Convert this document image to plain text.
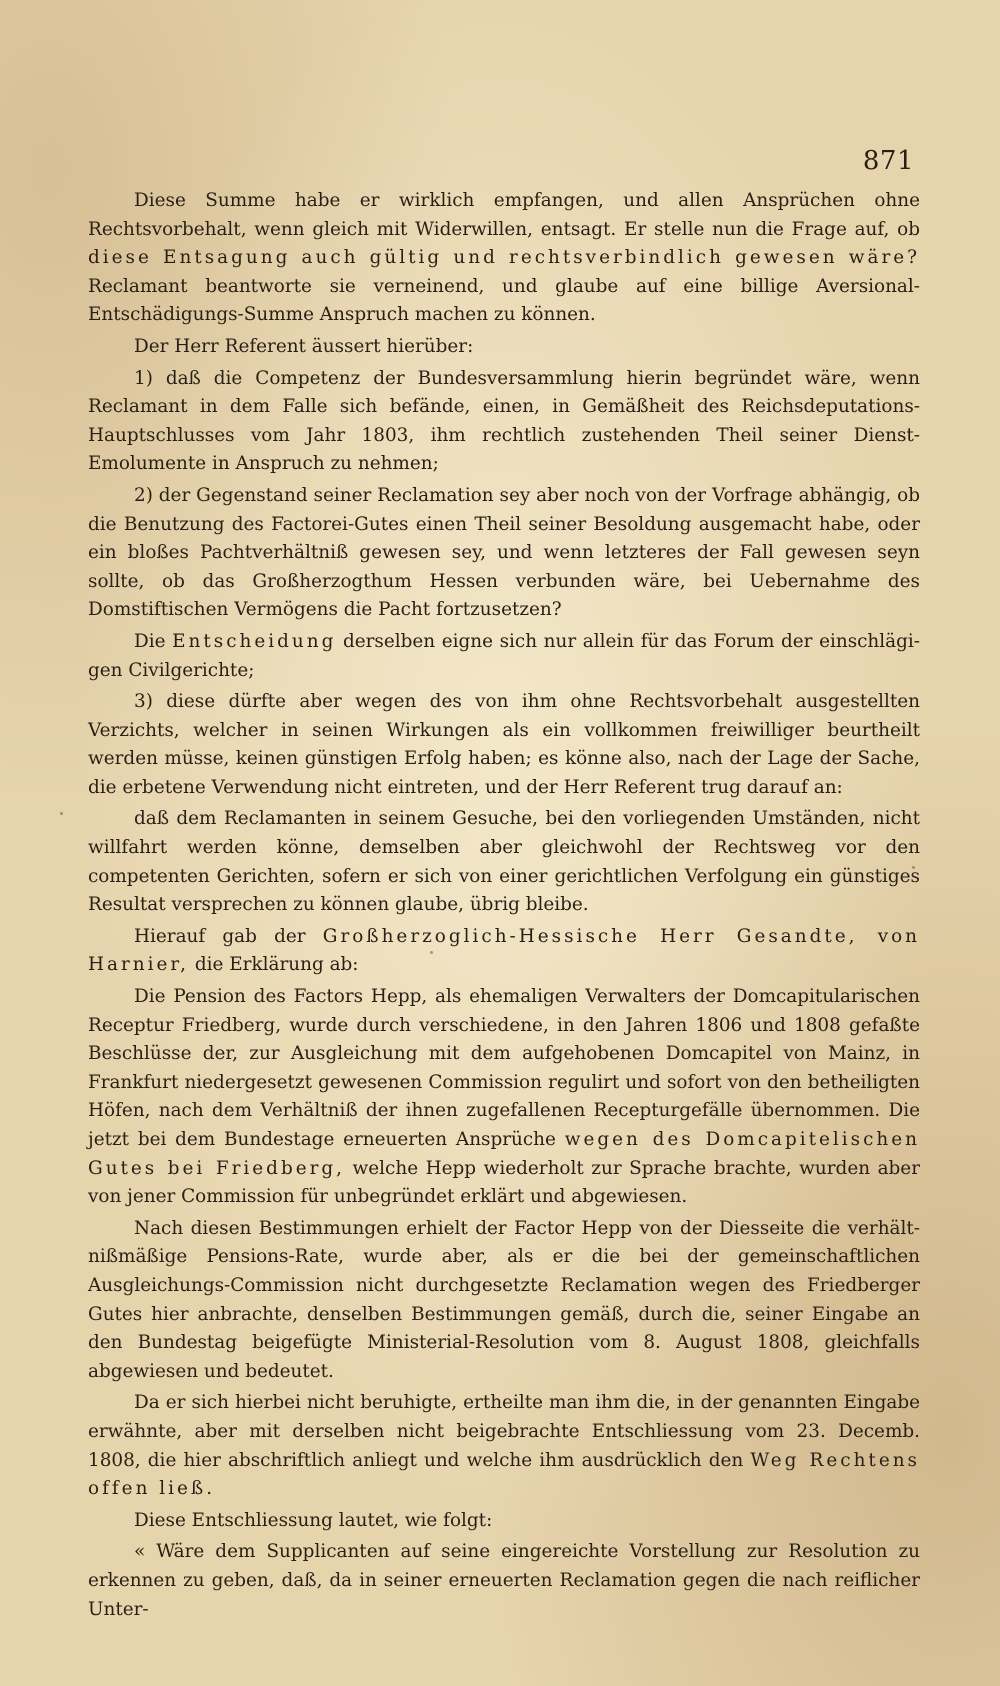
871

Diese Summe habe er wirklich empfangen, und allen Ansprüchen ohne Rechtsvorbehalt, wenn gleich mit Widerwillen, entsagt. Er stelle nun die Frage auf, ob diese Entsagung auch gültig und rechtsverbindlich gewesen wäre? Reclamant beantworte sie verneinend, und glaube auf eine billige Aversional-Entschädigungs-Summe Anspruch machen zu können.

Der Herr Referent äussert hierüber:

1) daß die Competenz der Bundesversammlung hierin begründet wäre, wenn Reclamant in dem Falle sich befände, einen, in Gemäßheit des Reichsdeputations-Hauptschlusses vom Jahr 1803, ihm rechtlich zustehenden Theil seiner Dienst-Emolumente in Anspruch zu nehmen;

2) der Gegenstand seiner Reclamation sey aber noch von der Vorfrage abhängig, ob die Benutzung des Factorei-Gutes einen Theil seiner Besoldung ausgemacht habe, oder ein bloßes Pachtverhältniß gewesen sey, und wenn letzteres der Fall gewesen seyn sollte, ob das Großherzogthum Hessen verbunden wäre, bei Uebernahme des Domstiftischen Vermögens die Pacht fortzusetzen?

Die Entscheidung derselben eigne sich nur allein für das Forum der einschlägigen Civilgerichte;

3) diese dürfte aber wegen des von ihm ohne Rechtsvorbehalt ausgestellten Verzichts, welcher in seinen Wirkungen als ein vollkommen freiwilliger beurtheilt werden müsse, keinen günstigen Erfolg haben; es könne also, nach der Lage der Sache, die erbetene Verwendung nicht eintreten, und der Herr Referent trug darauf an:

daß dem Reclamanten in seinem Gesuche, bei den vorliegenden Umständen, nicht willfahrt werden könne, demselben aber gleichwohl der Rechtsweg vor den competenten Gerichten, sofern er sich von einer gerichtlichen Verfolgung ein günstiges Resultat versprechen zu können glaube, übrig bleibe.

Hierauf gab der Großherzoglich-Hessische Herr Gesandte, von Harnier, die Erklärung ab:

Die Pension des Factors Hepp, als ehemaligen Verwalters der Domcapitularischen Receptur Friedberg, wurde durch verschiedene, in den Jahren 1806 und 1808 gefaßte Beschlüsse der, zur Ausgleichung mit dem aufgehobenen Domcapitel von Mainz, in Frankfurt niedergesetzt gewesenen Commission regulirt und sofort von den betheiligten Höfen, nach dem Verhältniß der ihnen zugefallenen Recepturgefälle übernommen. Die jetzt bei dem Bundestage erneuerten Ansprüche wegen des Domcapitelischen Gutes bei Friedberg, welche Hepp wiederholt zur Sprache brachte, wurden aber von jener Commission für unbegründet erklärt und abgewiesen.

Nach diesen Bestimmungen erhielt der Factor Hepp von der Diesseite die verhältnißmäßige Pensions-Rate, wurde aber, als er die bei der gemeinschaftlichen Ausgleichungs-Commission nicht durchgesetzte Reclamation wegen des Friedberger Gutes hier anbrachte, denselben Bestimmungen gemäß, durch die, seiner Eingabe an den Bundestag beigefügte Ministerial-Resolution vom 8. August 1808, gleichfalls abgewiesen und bedeutet.

Da er sich hierbei nicht beruhigte, ertheilte man ihm die, in der genannten Eingabe erwähnte, aber mit derselben nicht beigebrachte Entschliessung vom 23. Decemb. 1808, die hier abschriftlich anliegt und welche ihm ausdrücklich den Weg Rechtens offen ließ.

Diese Entschliessung lautet, wie folgt:

« Wäre dem Supplicanten auf seine eingereichte Vorstellung zur Resolution zu erkennen zu geben, daß, da in seiner erneuerten Reclamation gegen die nach reiflicher Unter-
